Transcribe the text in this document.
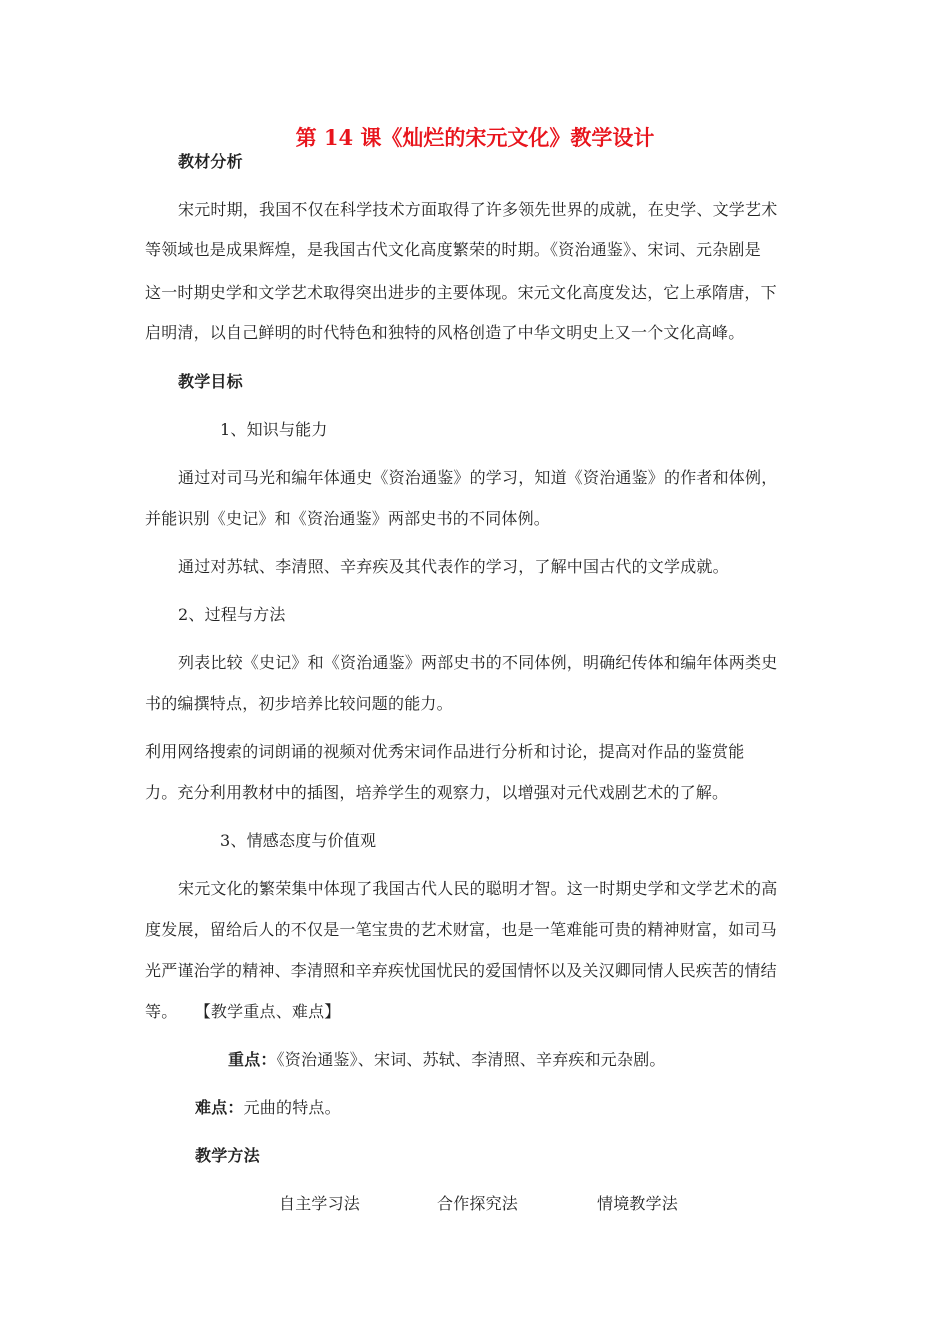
第 14 课《灿烂的宋元文化》教学设计
教材分析
宋元时期，我国不仅在科学技术方面取得了许多领先世界的成就，在史学、文学艺术
等领域也是成果辉煌，是我国古代文化高度繁荣的时期。《资治通鉴》、宋词、元杂剧是
这一时期史学和文学艺术取得突出进步的主要体现。宋元文化高度发达，它上承隋唐，下
启明清，以自己鲜明的时代特色和独特的风格创造了中华文明史上又一个文化高峰。
教学目标
1、知识与能力
通过对司马光和编年体通史《资治通鉴》的学习，知道《资治通鉴》的作者和体例，
并能识别《史记》和《资治通鉴》两部史书的不同体例。
通过对苏轼、李清照、辛弃疾及其代表作的学习，了解中国古代的文学成就。
2、过程与方法
列表比较《史记》和《资治通鉴》两部史书的不同体例，明确纪传体和编年体两类史
书的编撰特点，初步培养比较问题的能力。
利用网络搜索的词朗诵的视频对优秀宋词作品进行分析和讨论，提高对作品的鉴赏能
力。充分利用教材中的插图，培养学生的观察力，以增强对元代戏剧艺术的了解。
3、情感态度与价值观
宋元文化的繁荣集中体现了我国古代人民的聪明才智。这一时期史学和文学艺术的高
度发展，留给后人的不仅是一笔宝贵的艺术财富，也是一笔难能可贵的精神财富，如司马
光严谨治学的精神、李清照和辛弃疾忧国忧民的爱国情怀以及关汉卿同情人民疾苦的情结
等。 【教学重点、难点】
重点：《资治通鉴》、宋词、苏轼、李清照、辛弃疾和元杂剧。
难点：元曲的特点。
教学方法
自主学习法	合作探究法	情境教学法
